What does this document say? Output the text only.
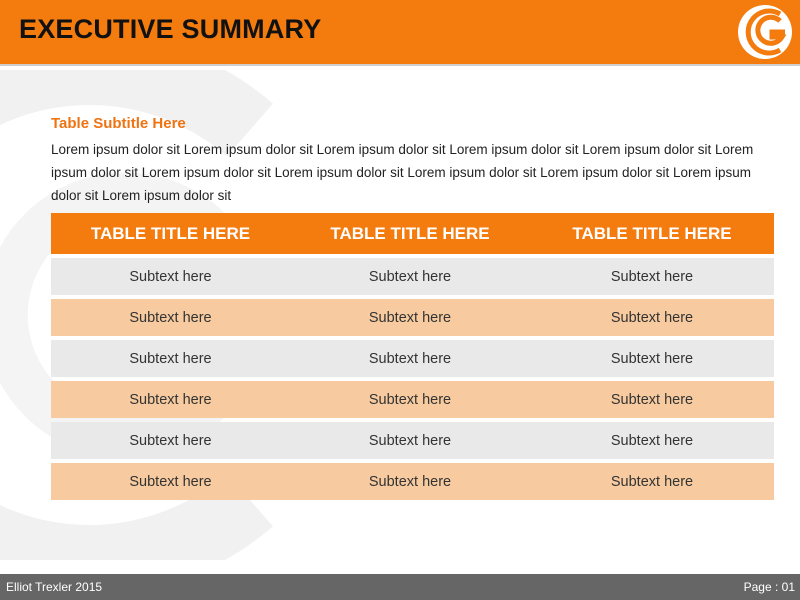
EXECUTIVE SUMMARY
Table Subtitle Here

Lorem ipsum dolor sit Lorem ipsum dolor sit Lorem ipsum dolor sit Lorem ipsum dolor sit Lorem ipsum dolor sit Lorem ipsum dolor sit Lorem ipsum dolor sit Lorem ipsum dolor sit Lorem ipsum dolor sit Lorem ipsum dolor sit Lorem ipsum dolor sit Lorem ipsum dolor sit

TABLE TITLE HERE	TABLE TITLE HERE	TABLE TITLE HERE
Subtext here	Subtext here	Subtext here
Subtext here	Subtext here	Subtext here
Subtext here	Subtext here	Subtext here
Subtext here	Subtext here	Subtext here
Subtext here	Subtext here	Subtext here
Subtext here	Subtext here	Subtext here
Elliot Trexler 2015	Page : 01
